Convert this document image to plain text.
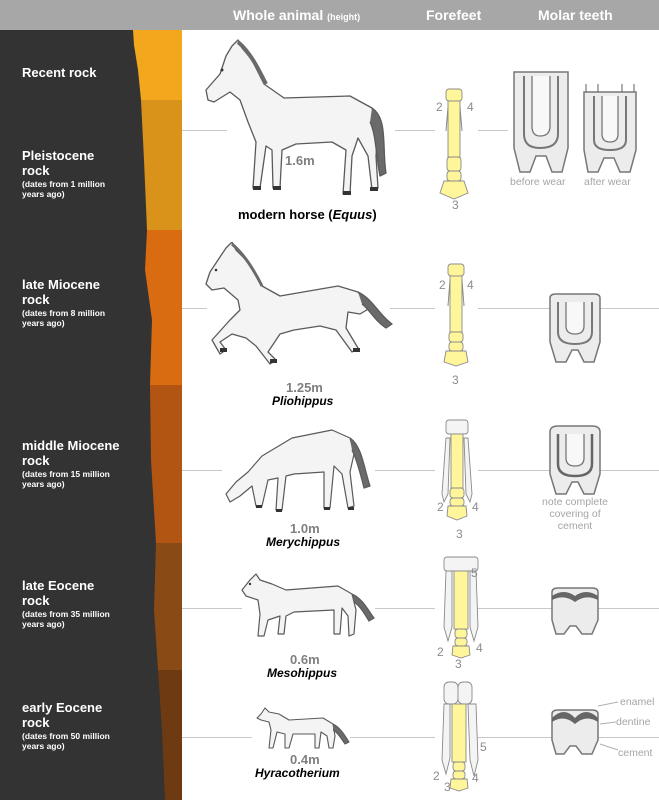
Whole animal (height)	Forefeet	Molar teeth
Recent rock
Pleistocene rock
(dates from 1 million years ago)
late Miocene rock
(dates from 8 million years ago)
middle Miocene rock
(dates from 15 million years ago)
late Eocene rock
(dates from 35 million years ago)
early Eocene rock
(dates from 50 million years ago)
1.6m
modern horse (Equus)
1.25m
Pliohippus
1.0m
Merychippus
0.6m
Mesohippus
0.4m
Hyracotherium
2 4
3
2 4
3
2 4
3
5
2	4
3
5
2
3
4
before wear after wear
note complete covering of cement
enamel
dentine
cement
